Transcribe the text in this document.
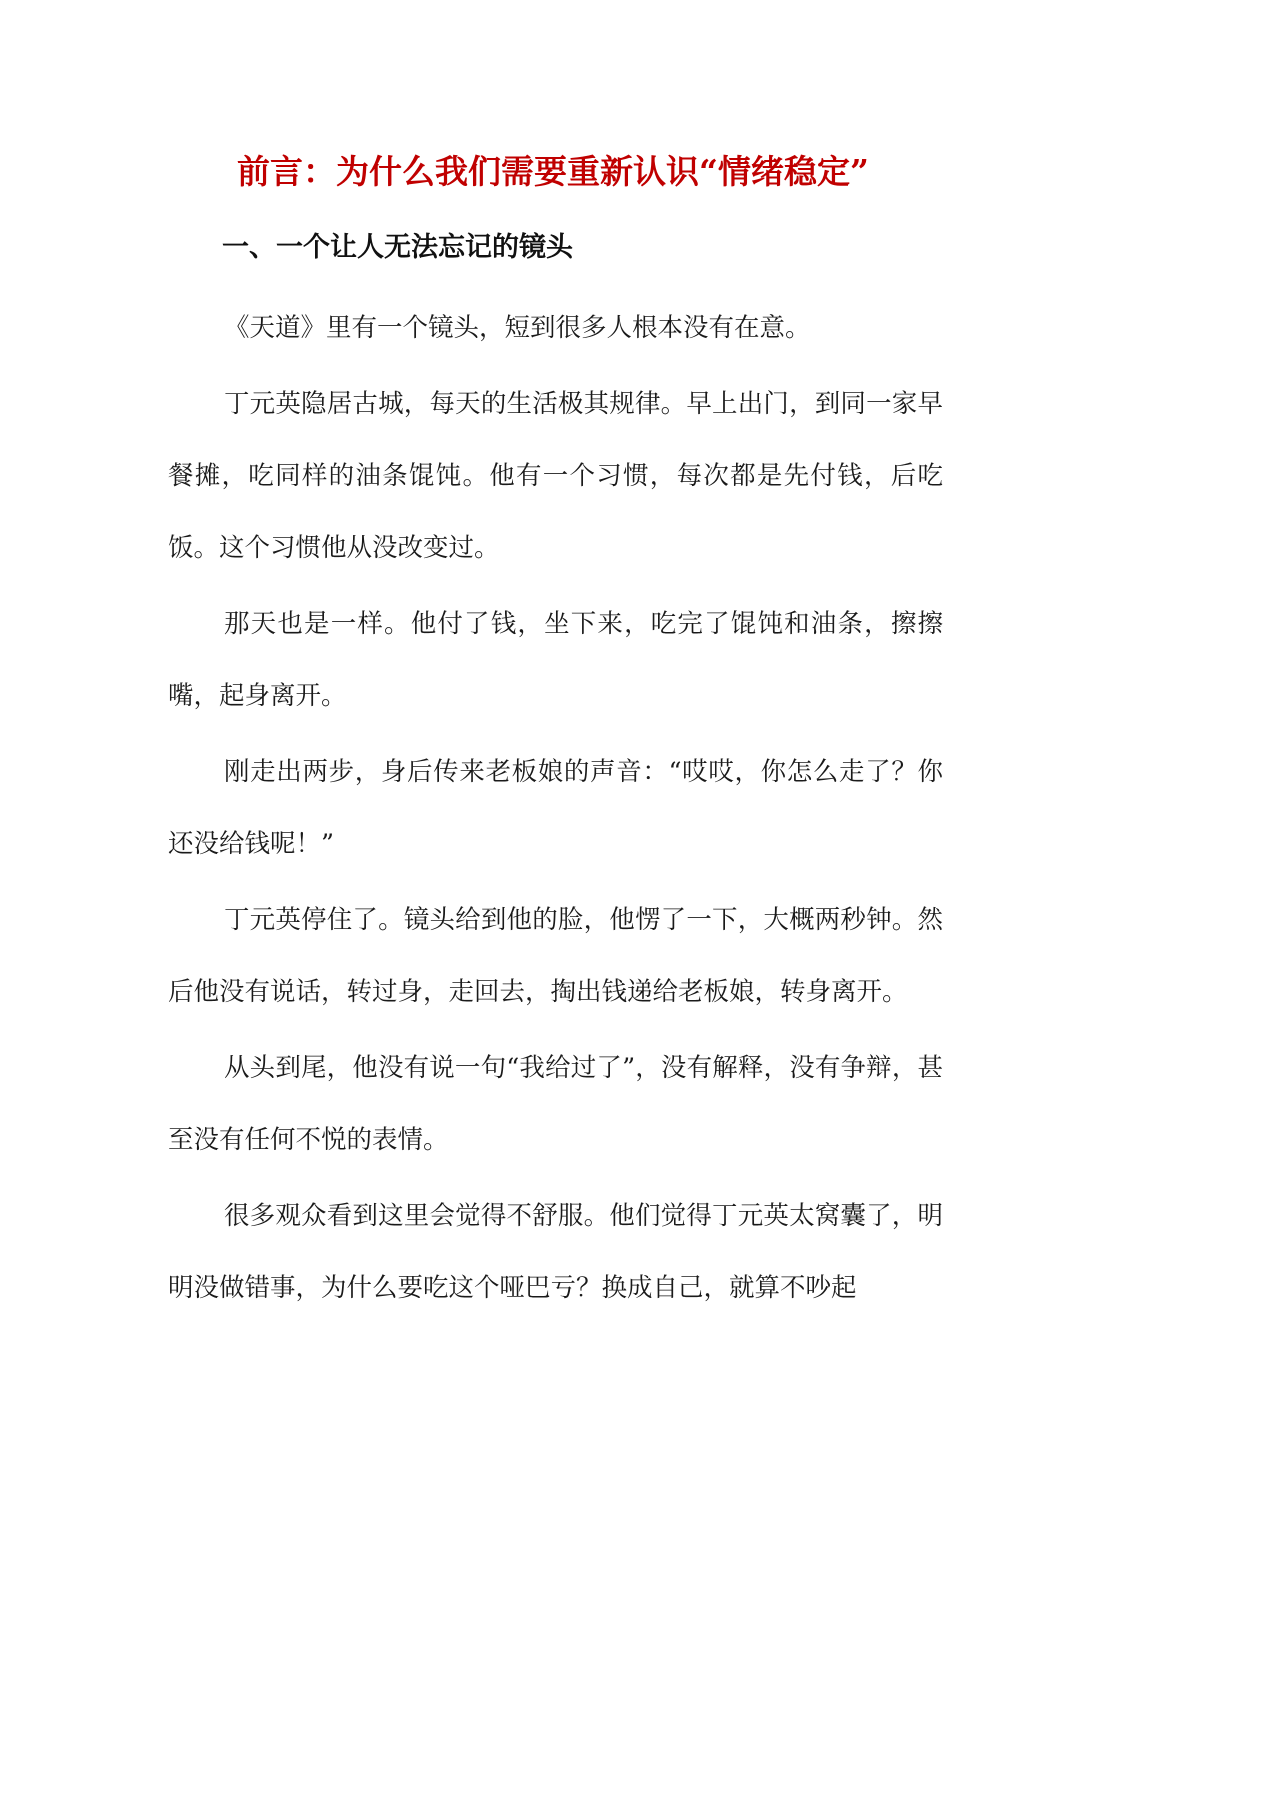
前言：为什么我们需要重新认识“情绪稳定”
一、一个让人无法忘记的镜头

《天道》里有一个镜头，短到很多人根本没有在意。

丁元英隐居古城，每天的生活极其规律。早上出门，到同一家早餐摊，吃同样的油条馄饨。他有一个习惯，每次都是先付钱，后吃饭。这个习惯他从没改变过。

那天也是一样。他付了钱，坐下来，吃完了馄饨和油条，擦擦嘴，起身离开。

刚走出两步，身后传来老板娘的声音：“哎哎，你怎么走了？你还没给钱呢！”

丁元英停住了。镜头给到他的脸，他愣了一下，大概两秒钟。然后他没有说话，转过身，走回去，掏出钱递给老板娘，转身离开。

从头到尾，他没有说一句“我给过了”，没有解释，没有争辩，甚至没有任何不悦的表情。

很多观众看到这里会觉得不舒服。他们觉得丁元英太窝囊了，明明没做错事，为什么要吃这个哑巴亏？换成自己，就算不吵起
